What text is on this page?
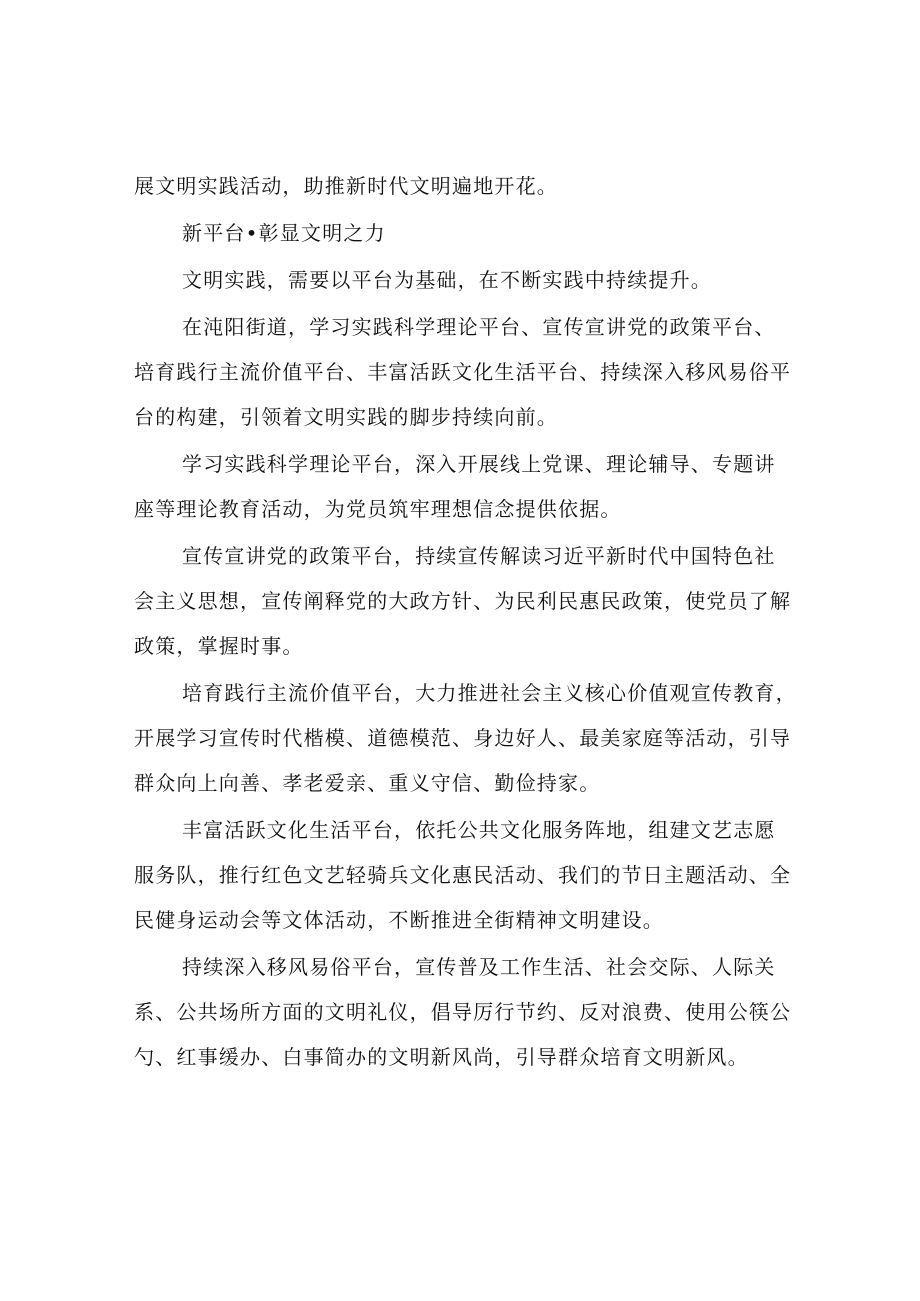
展文明实践活动，助推新时代文明遍地开花。
新平台•彰显文明之力
文明实践，需要以平台为基础，在不断实践中持续提升。
在沌阳街道，学习实践科学理论平台、宣传宣讲党的政策平台、
培育践行主流价值平台、丰富活跃文化生活平台、持续深入移风易俗平
台的构建，引领着文明实践的脚步持续向前。
学习实践科学理论平台，深入开展线上党课、理论辅导、专题讲
座等理论教育活动，为党员筑牢理想信念提供依据。
宣传宣讲党的政策平台，持续宣传解读习近平新时代中国特色社
会主义思想，宣传阐释党的大政方针、为民利民惠民政策，使党员了解
政策，掌握时事。
培育践行主流价值平台，大力推进社会主义核心价值观宣传教育，
开展学习宣传时代楷模、道德模范、身边好人、最美家庭等活动，引导
群众向上向善、孝老爱亲、重义守信、勤俭持家。
丰富活跃文化生活平台，依托公共文化服务阵地，组建文艺志愿
服务队，推行红色文艺轻骑兵文化惠民活动、我们的节日主题活动、全
民健身运动会等文体活动，不断推进全街精神文明建设。
持续深入移风易俗平台，宣传普及工作生活、社会交际、人际关
系、公共场所方面的文明礼仪，倡导厉行节约、反对浪费、使用公筷公
勺、红事缓办、白事简办的文明新风尚，引导群众培育文明新风。
